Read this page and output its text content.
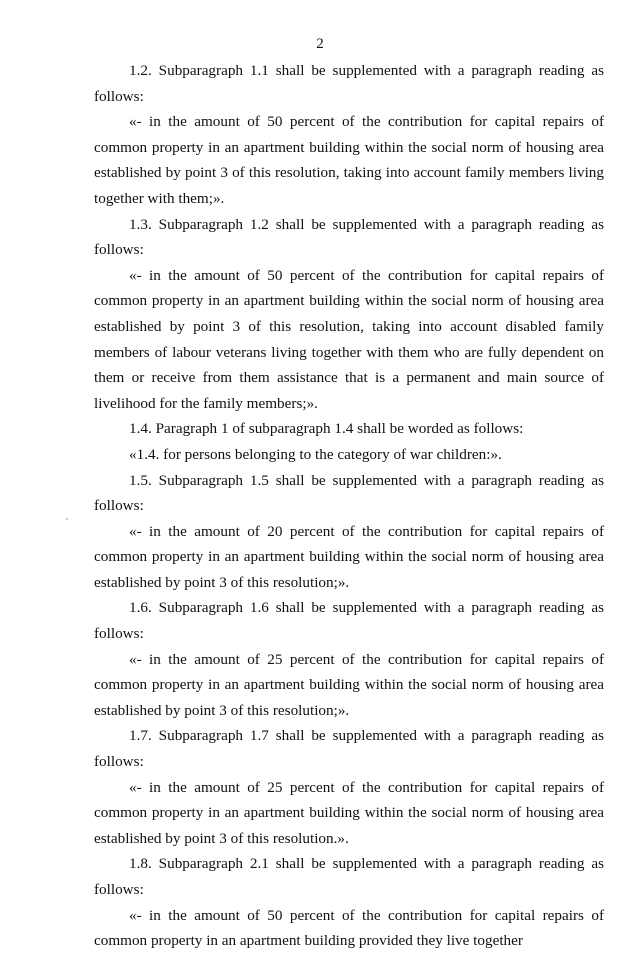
2

1.2. Subparagraph 1.1 shall be supplemented with a paragraph reading as follows:

«- in the amount of 50 percent of the contribution for capital repairs of common property in an apartment building within the social norm of housing area established by point 3 of this resolution, taking into account family members living together with them;».

1.3. Subparagraph 1.2 shall be supplemented with a paragraph reading as follows:

«- in the amount of 50 percent of the contribution for capital repairs of common property in an apartment building within the social norm of housing area established by point 3 of this resolution, taking into account disabled family members of labour veterans living together with them who are fully dependent on them or receive from them assistance that is a permanent and main source of livelihood for the family members;».

1.4. Paragraph 1 of subparagraph 1.4 shall be worded as follows:

«1.4. for persons belonging to the category of war children:».

1.5. Subparagraph 1.5 shall be supplemented with a paragraph reading as follows:

«- in the amount of 20 percent of the contribution for capital repairs of common property in an apartment building within the social norm of housing area established by point 3 of this resolution;».

1.6. Subparagraph 1.6 shall be supplemented with a paragraph reading as follows:

«- in the amount of 25 percent of the contribution for capital repairs of common property in an apartment building within the social norm of housing area established by point 3 of this resolution;».

1.7. Subparagraph 1.7 shall be supplemented with a paragraph reading as follows:

«- in the amount of 25 percent of the contribution for capital repairs of common property in an apartment building within the social norm of housing area established by point 3 of this resolution.».

1.8. Subparagraph 2.1 shall be supplemented with a paragraph reading as follows:

«- in the amount of 50 percent of the contribution for capital repairs of common property in an apartment building provided they live together
